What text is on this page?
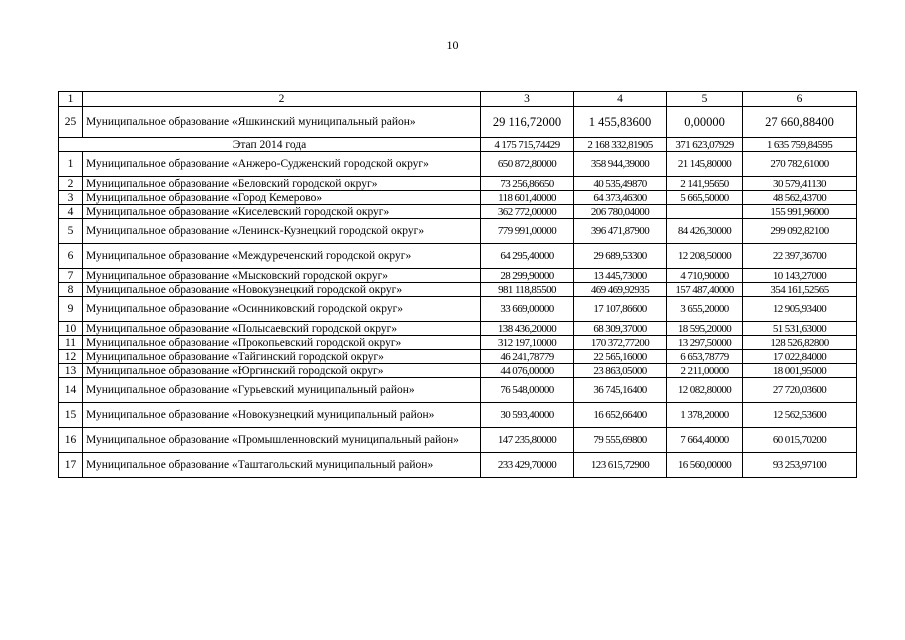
10
1	2	3	4	5	6
25	Муниципальное образование «Яшкинский муниципальный район»	29 116,72000	1 455,83600	0,00000	27 660,88400
Этап 2014 года		4 175 715,74429	2 168 332,81905	371 623,07929	1 635 759,84595
1	Муниципальное образование «Анжеро-Судженский городской округ»	650 872,80000	358 944,39000	21 145,80000	270 782,61000
2	Муниципальное образование «Беловский городской округ»	73 256,86650	40 535,49870	2 141,95650	30 579,41130
3	Муниципальное образование «Город Кемерово»	118 601,40000	64 373,46300	5 665,50000	48 562,43700
4	Муниципальное образование «Киселевский городской округ»	362 772,00000	206 780,04000		155 991,96000
5	Муниципальное образование «Ленинск-Кузнецкий городской округ»	779 991,00000	396 471,87900	84 426,30000	299 092,82100
6	Муниципальное образование «Междуреченский городской округ»	64 295,40000	29 689,53300	12 208,50000	22 397,36700
7	Муниципальное образование «Мысковский городской округ»	28 299,90000	13 445,73000	4 710,90000	10 143,27000
8	Муниципальное образование «Новокузнецкий городской округ»	981 118,85500	469 469,92935	157 487,40000	354 161,52565
9	Муниципальное образование «Осинниковский городской округ»	33 669,00000	17 107,86600	3 655,20000	12 905,93400
10	Муниципальное образование «Полысаевский городской округ»	138 436,20000	68 309,37000	18 595,20000	51 531,63000
11	Муниципальное образование «Прокопьевский городской округ»	312 197,10000	170 372,77200	13 297,50000	128 526,82800
12	Муниципальное образование «Тайгинский городской округ»	46 241,78779	22 565,16000	6 653,78779	17 022,84000
13	Муниципальное образование «Юргинский городской округ»	44 076,00000	23 863,05000	2 211,00000	18 001,95000
14	Муниципальное образование «Гурьевский муниципальный район»	76 548,00000	36 745,16400	12 082,80000	27 720,03600
15	Муниципальное образование «Новокузнецкий муниципальный район»	30 593,40000	16 652,66400	1 378,20000	12 562,53600
16	Муниципальное образование «Промышленновский муниципальный район»	147 235,80000	79 555,69800	7 664,40000	60 015,70200
17	Муниципальное образование «Таштагольский муниципальный район»	233 429,70000	123 615,72900	16 560,00000	93 253,97100
